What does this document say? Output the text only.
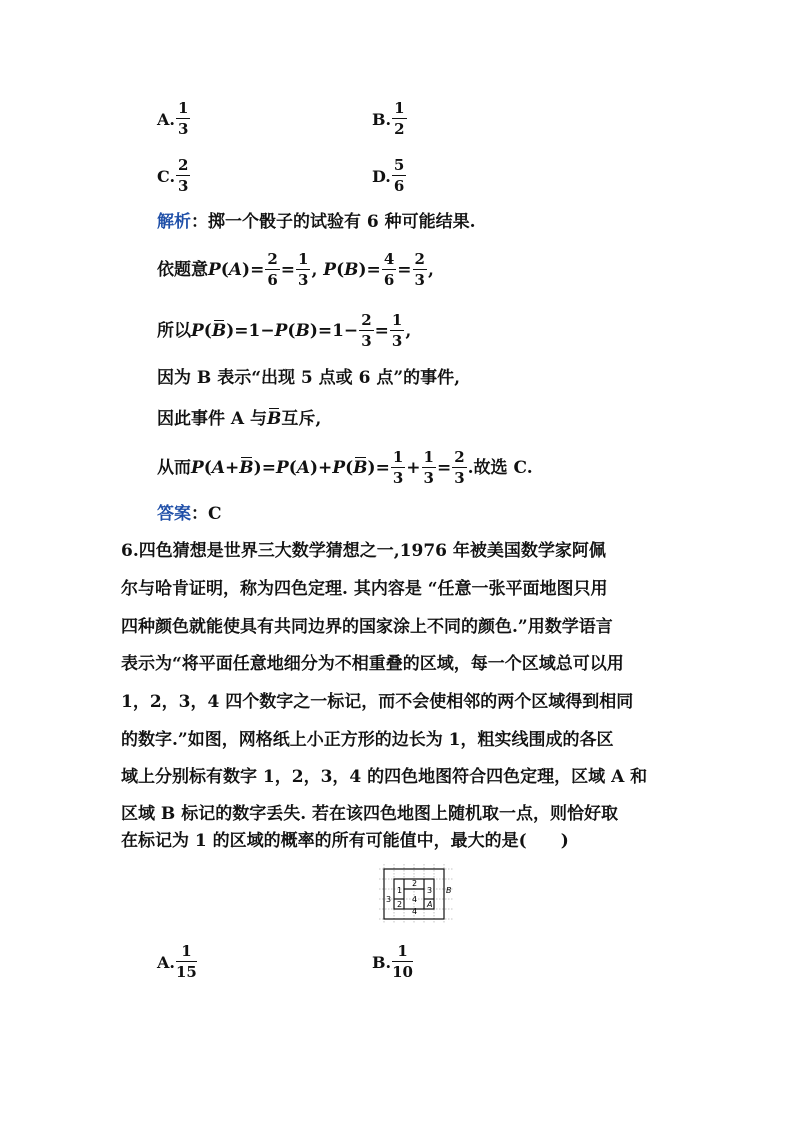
A. $\frac{1}{3}$	B. $\frac{1}{2}$
C. $\frac{2}{3}$	D. $\frac{5}{6}$
解析：掷一个骰子的试验有 6 种可能结果.
依题意 P ( A )= $\frac{2}{6} = \frac{1}{3}$ , P ( B )= $\frac{4}{6} = \frac{2}{3}$ ,
所以 P ( B )=1− P ( B )$=1- \frac{2}{3} = \frac{1}{3}$ ,
因为 B 表示“出现 5 点或 6 点”的事件,
因此事件 A 与B互斥,
从而 P ( A + B )= P ( A )+ P ( B )= $\frac{1}{3} + \frac{1}{3} = \frac{2}{3}$ .故选 C.
答案：C
6.四色猜想是世界三大数学猜想之一,1976 年被美国数学家阿佩
尔与哈肯证明，称为四色定理. 其内容是 “任意一张平面地图只用
四种颜色就能使具有共同边界的国家涂上不同的颜色.”用数学语言
表示为“将平面任意地细分为不相重叠的区域，每一个区域总可以用
1，2，3，4 四个数字之一标记，而不会使相邻的两个区域得到相同
的数字.”如图，网格纸上小正方形的边长为 1，粗实线围成的各区
域上分别标有数字 1，2，3，4 的四色地图符合四色定理，区域 A 和
区域 B 标记的数字丢失. 若在该四色地图上随机取一点，则恰好取
在标记为 1 的区域的概率的所有可能值中，最大的是(　　)
1
2
3
3
4
2
4
A
B
A. $\frac{1}{15}$	B. $\frac{1}{10}$
